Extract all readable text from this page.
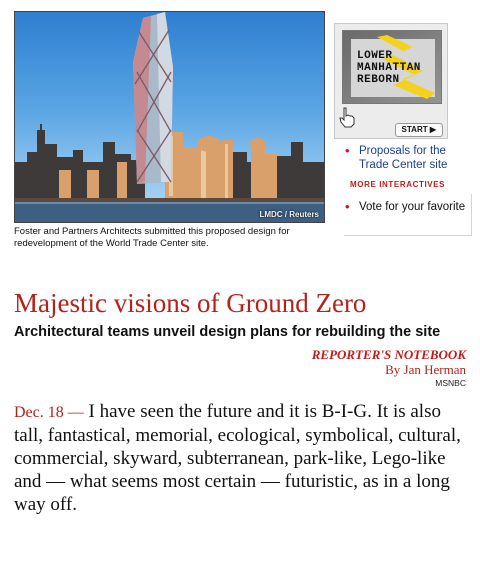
LMDC / Reuters
Foster and Partners Architects submitted this proposed design for redevelopment of the World Trade Center site.
LOWER
MANHATTAN
REBORN
START ▶
• Proposals for the Trade Center site
MORE INTERACTIVES
• Vote for your favorite
Majestic visions of Ground Zero
Architectural teams unveil design plans for rebuilding the site
REPORTER'S NOTEBOOK
By Jan Herman
MSNBC

Dec. 18 — I have seen the future and it is B-I-G. It is also tall, fantastical, memorial, ecological, symbolical, cultural, commercial, skyward, subterranean, park-like, Lego-like and — what seems most certain — futuristic, as in a long way off.
